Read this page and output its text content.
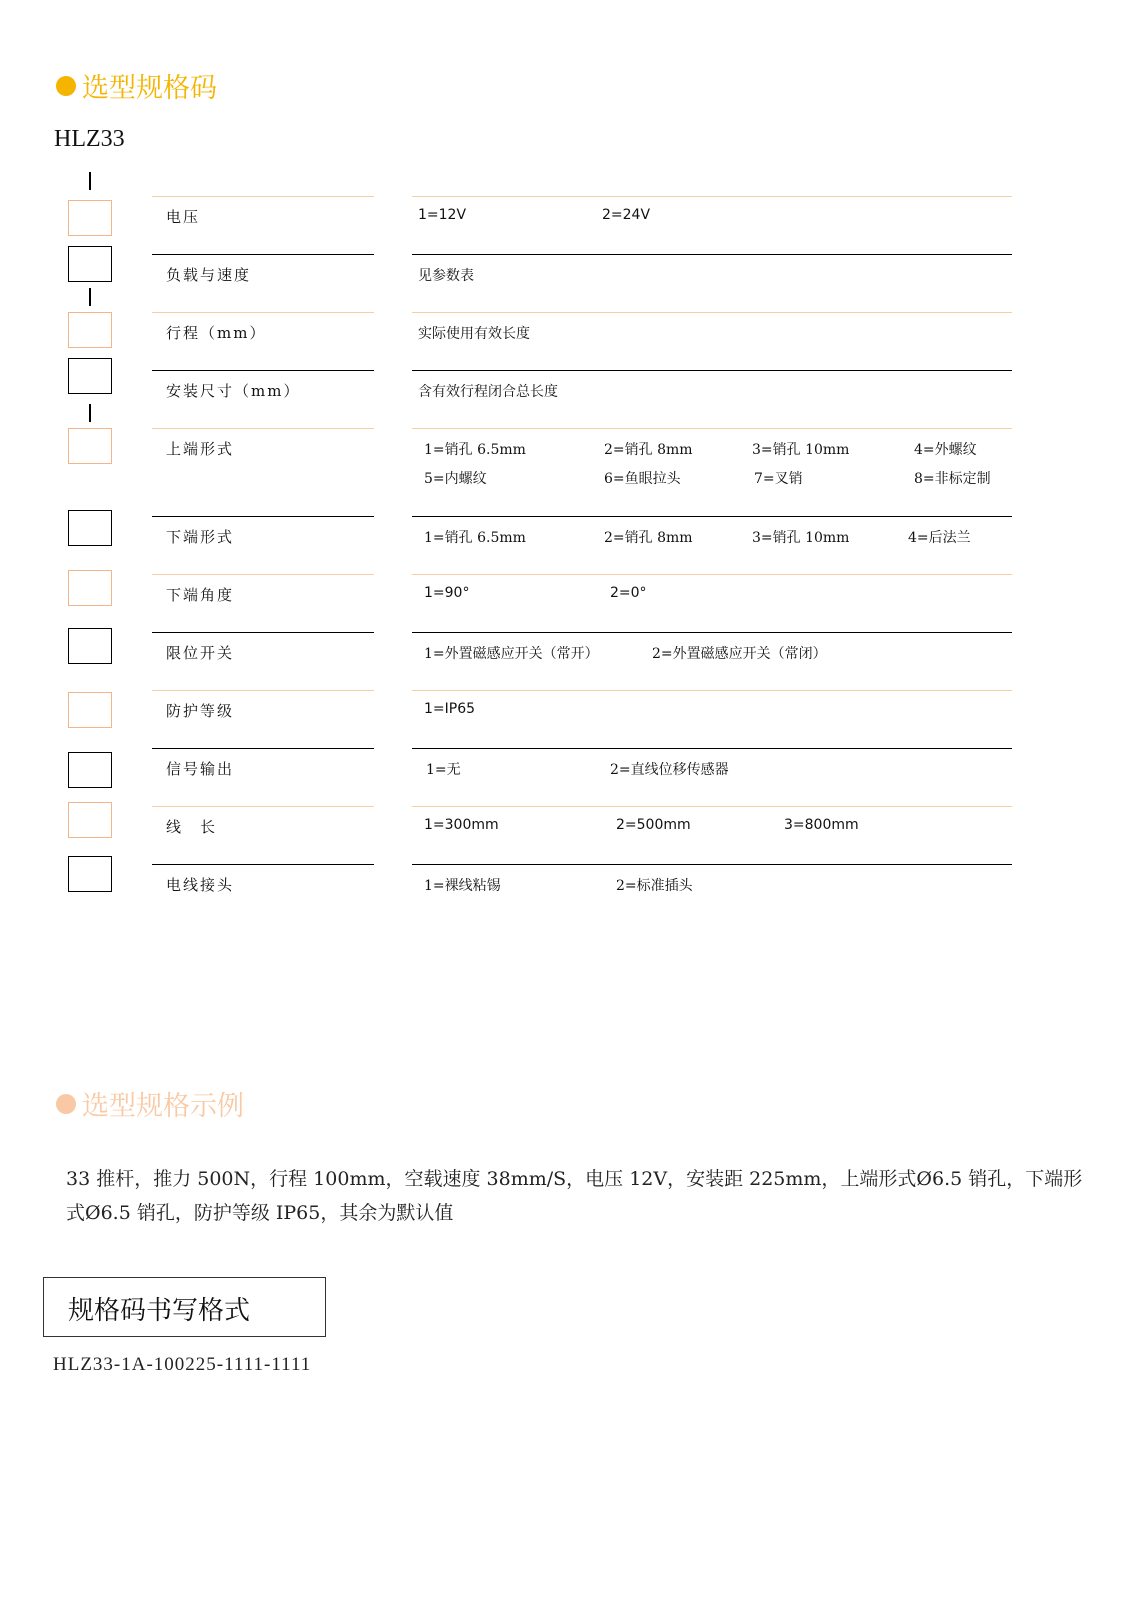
选型规格码
HLZ33
电压	1=12V	2=24V
负载与速度	见参数表
行程（mm）	实际使用有效长度
安装尺寸（mm）	含有效行程闭合总长度
上端形式	1=销孔 6.5mm	2=销孔 8mm	3=销孔 10mm	4=外螺纹
5=内螺纹	6=鱼眼拉头	7=叉销	8=非标定制
下端形式	1=销孔 6.5mm	2=销孔 8mm	3=销孔 10mm	4=后法兰
下端角度	1=90°	2=0°
限位开关	1=外置磁感应开关（常开）	2=外置磁感应开关（常闭）
防护等级	1=IP65
信号输出	1=无	2=直线位移传感器
线　长	1=300mm	2=500mm	3=800mm
电线接头	1=裸线粘锡	2=标准插头
选型规格示例
33 推杆，推力 500N，行程 100mm，空载速度 38mm/S，电压 12V，安装距 225mm，上端形式Ø6.5 销孔，下端形式Ø6.5 销孔，防护等级 IP65，其余为默认值
规格码书写格式
HLZ33-1A-100225-1111-1111
